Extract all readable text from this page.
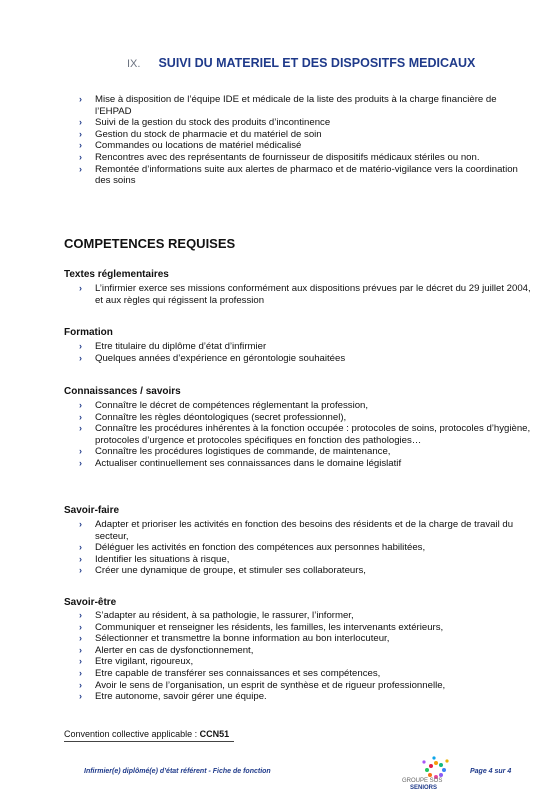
IX. SUIVI DU MATERIEL ET DES DISPOSITFS MEDICAUX
› Mise à disposition de l’équipe IDE et médicale de la liste des produits à la charge financière de l’EHPAD
› Suivi de la gestion du stock des produits d’incontinence
› Gestion du stock de pharmacie et du matériel de soin
› Commandes ou locations de matériel médicalisé
› Rencontres avec des représentants de fournisseur de dispositifs médicaux stériles ou non.
› Remontée d’informations suite aux alertes de pharmaco et de matério-vigilance vers la coordination des soins
COMPETENCES REQUISES
Textes réglementaires
› L’infirmier exerce ses missions conformément aux dispositions prévues par le décret du 29 juillet 2004, et aux règles qui régissent la profession
Formation
› Etre titulaire du diplôme d’état d’infirmier
› Quelques années d’expérience en gérontologie souhaitées
Connaissances / savoirs
› Connaître le décret de compétences réglementant la profession,
› Connaître les règles déontologiques (secret professionnel),
› Connaître les procédures inhérentes à la fonction occupée : protocoles de soins, protocoles d’hygiène, protocoles d’urgence et protocoles spécifiques en fonction des pathologies…
› Connaître les procédures logistiques de commande, de maintenance,
› Actualiser continuellement ses connaissances dans le domaine législatif
Savoir-faire
› Adapter et prioriser les activités en fonction des besoins des résidents et de la charge de travail du secteur,
› Déléguer les activités en fonction des compétences aux personnes habilitées,
› Identifier les situations à risque,
› Créer une dynamique de groupe, et stimuler ses collaborateurs,
Savoir-être
› S’adapter au résident, à sa pathologie, le rassurer, l’informer,
› Communiquer et renseigner les résidents, les familles, les intervenants extérieurs,
› Sélectionner et transmettre la bonne information au bon interlocuteur,
› Alerter en cas de dysfonctionnement,
› Etre vigilant, rigoureux,
› Etre capable de transférer ses connaissances et ses compétences,
› Avoir le sens de l’organisation, un esprit de synthèse et de rigueur professionnelle,
› Etre autonome, savoir gérer une équipe.
Convention collective applicable : CCN51
Infirmier(e) diplômé(e) d’état référent - Fiche de fonction
GROUPE SOS
SENIORS
Page 4 sur 4
